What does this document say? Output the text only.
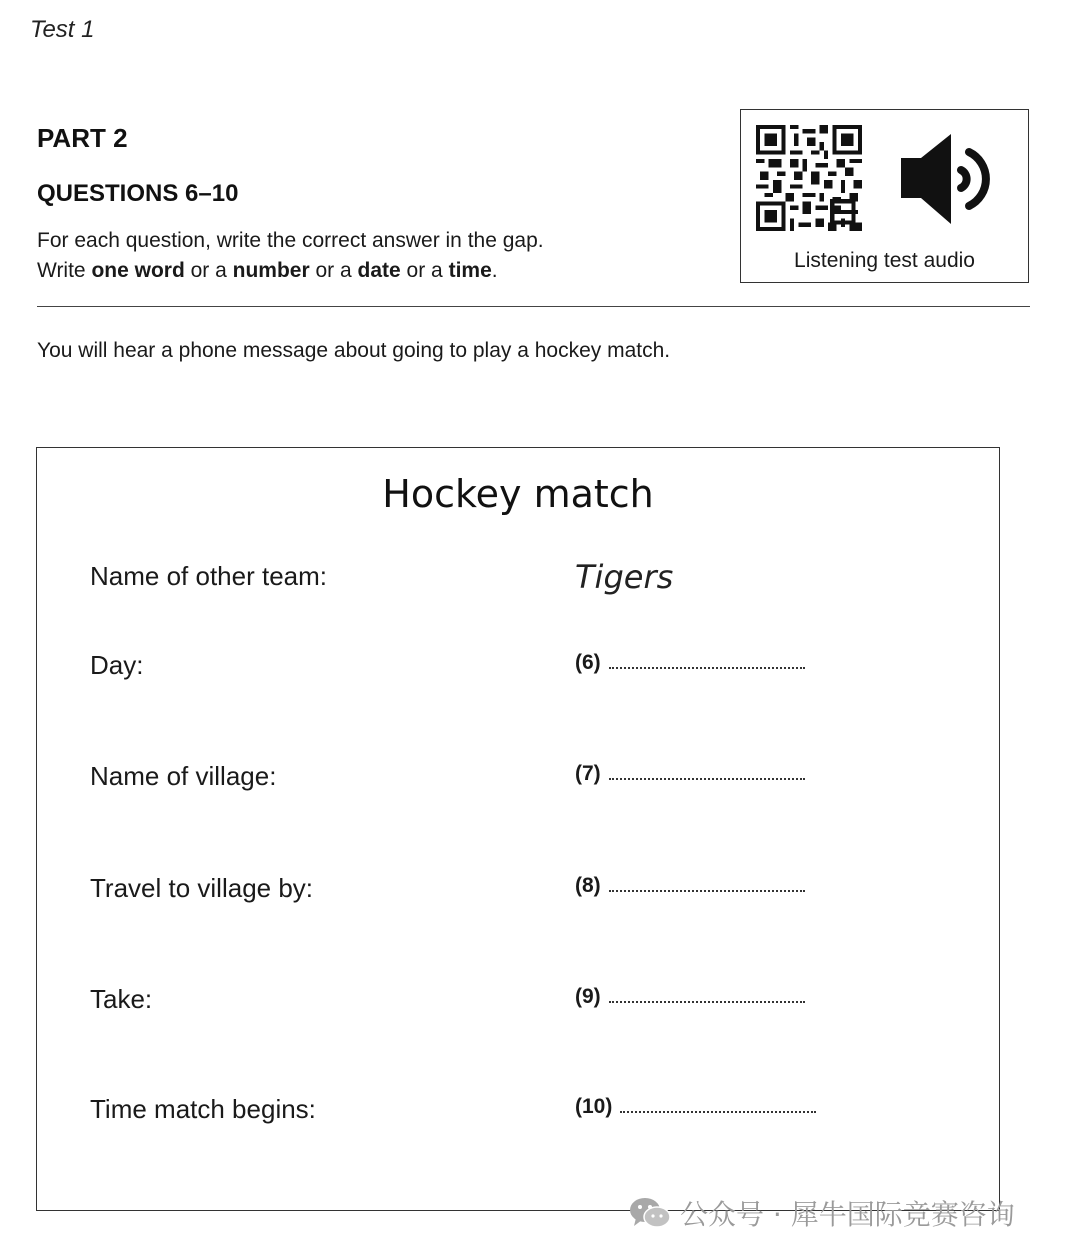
Test 1
PART 2
QUESTIONS 6–10
For each question, write the correct answer in the gap.
Write one word or a number or a date or a time.	Listening test audio
You will hear a phone message about going to play a hockey match.
Hockey match
Name of other team:	Tigers
Day:	(6)
Name of village:	(7)
Travel to village by:	(8)
Take:	(9)
Time match begins:	(10)
公众号 · 犀牛国际竞赛咨询
